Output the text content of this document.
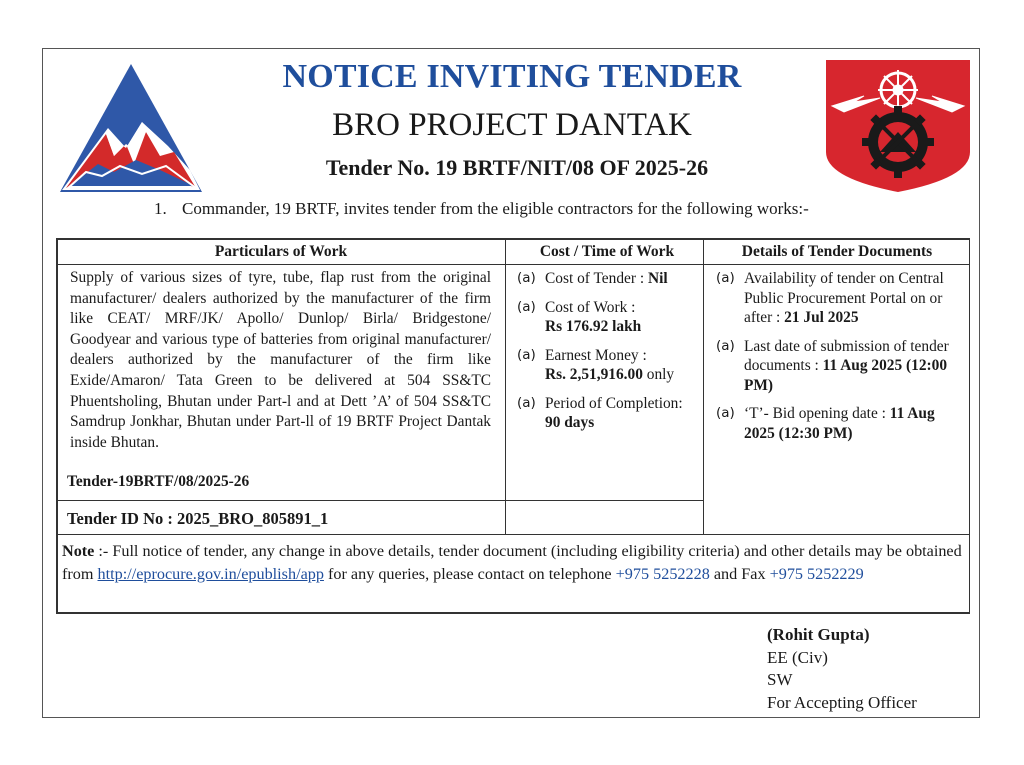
NOTICE INVITING TENDER
BRO PROJECT DANTAK
Tender No. 19 BRTF/NIT/08 OF 2025-26
1. Commander, 19 BRTF, invites tender from the eligible contractors for the following works:-
Particulars of Work	Cost / Time of Work	Details of Tender Documents
Supply of various sizes of tyre, tube, flap rust from the original manufacturer/ dealers authorized by the manufacturer of the firm like CEAT/ MRF/JK/ Apollo/ Dunlop/ Birla/ Bridgestone/ Goodyear and various type of batteries from original manufacturer/ dealers authorized by the manufacturer of the firm like Exide/Amaron/ Tata Green to be delivered at 504 SS&TC Phuentsholing, Bhutan under Part-l and at Dett ’A’ of 504 SS&TC Samdrup Jonkhar, Bhutan under Part-ll of 19 BRTF Project Dantak inside Bhutan.
Tender-19BRTF/08/2025-26
Tender ID No : 2025_BRO_805891_1
(a) Cost of Tender : Nil
(a) Cost of Work :
Rs 176.92 lakh
(a) Earnest Money :
Rs. 2,51,916.00 only
(a) Period of Completion:
90 days
(a) Availability of tender on Central Public Procurement Portal on or after : 21 Jul 2025
(a) Last date of submission of tender documents : 11 Aug 2025 (12:00 PM)
(a) ‘T’- Bid opening date : 11 Aug 2025 (12:30 PM)
Note :- Full notice of tender, any change in above details, tender document (including eligibility criteria) and other details may be obtained from http://eprocure.gov.in/epublish/app for any queries, please contact on telephone +975 5252228 and Fax +975 5252229
(Rohit Gupta)
EE (Civ)
SW
For Accepting Officer
